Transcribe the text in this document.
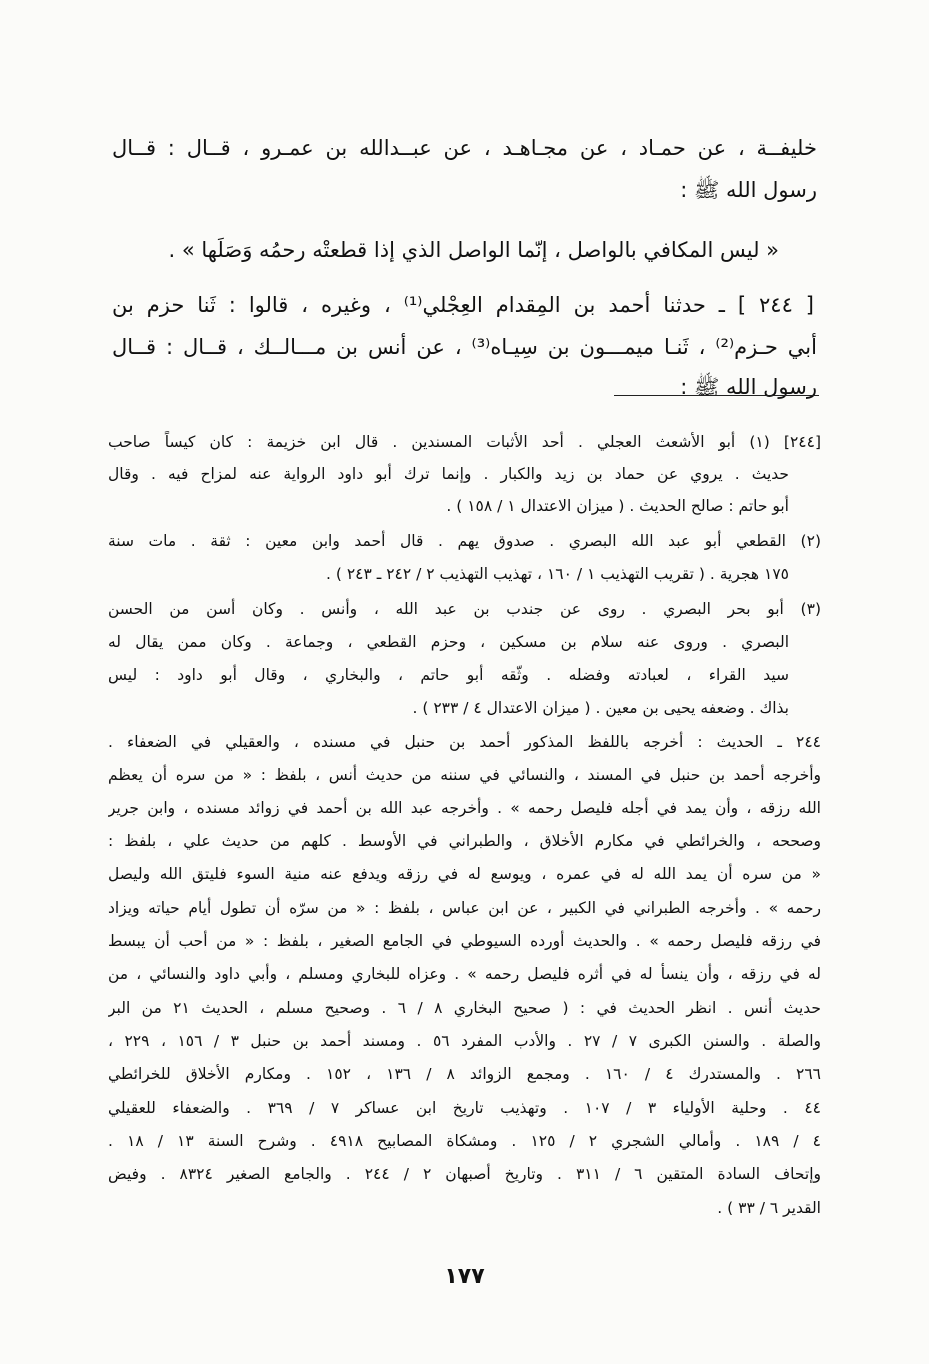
خليفــة ، عن حمـاد ، عن مجـاهـد ، عن عبــدالله بن عمـرو ، قــال : قــال
رسول الله ﷺ :
« ليس المكافي بالواصل ، إنّما الواصل الذي إذا قطعتْه رحمُه وَصَلَها » .
[ ٢٤٤ ] ـ حدثنا أحمد بن المِقدام العِجْلي⁽¹⁾ ، وغيره ، قالوا : ثَنا حزم بن
أبي حـزم⁽²⁾ ، ثَنـا ميمـــون بن سِيـاه⁽³⁾ ، عن أنس بن مـــالــك ، قــال : قــال
رسول الله ﷺ :
[٢٤٤] (١) أبو الأشعث العجلي . أحد الأثبات المسندين . قال ابن خزيمة : كان كيساً صاحب
حديث . يروي عن حماد بن زيد والكبار . وإنما ترك أبو داود الرواية عنه لمزاح فيه . وقال
أبو حاتم : صالح الحديث . ( ميزان الاعتدال ١ / ١٥٨ ) .
(٢) القطعي أبو عبد الله البصري . صدوق يهم . قال أحمد وابن معين : ثقة . مات سنة
١٧٥ هجرية . ( تقريب التهذيب ١ / ١٦٠ ، تهذيب التهذيب ٢ / ٢٤٢ ـ ٢٤٣ ) .
(٣) أبو بحر البصري . روى عن جندب بن عبد الله ، وأنس . وكان أسن من الحسن
البصري . وروى عنه سلام بن مسكين ، وحزم القطعي ، وجماعة . وكان ممن يقال له
سيد القراء ، لعبادته وفضله . وثّقه أبو حاتم ، والبخاري ، وقال أبو داود : ليس
بذاك . وضعفه يحيى بن معين . ( ميزان الاعتدال ٤ / ٢٣٣ ) .
٢٤٤ ـ الحديث : أخرجه باللفظ المذكور أحمد بن حنبل في مسنده ، والعقيلي في الضعفاء .
وأخرجه أحمد بن حنبل في المسند ، والنسائي في سننه من حديث أنس ، بلفظ : « من سره أن يعظم
الله رزقه ، وأن يمد في أجله فليصل رحمه » . وأخرجه عبد الله بن أحمد في زوائد مسنده ، وابن جرير
وصححه ، والخرائطي في مكارم الأخلاق ، والطبراني في الأوسط . كلهم من حديث علي ، بلفظ :
« من سره أن يمد الله له في عمره ، ويوسع له في رزقه ويدفع عنه منية السوء فليتق الله وليصل
رحمه » . وأخرجه الطبراني في الكبير ، عن ابن عباس ، بلفظ : « من سرّه أن تطول أيام حياته ويزاد
في رزقه فليصل رحمه » . والحديث أورده السيوطي في الجامع الصغير ، بلفظ : « من أحب أن يبسط
له في رزقه ، وأن ينسأ له في أثره فليصل رحمه » . وعزاه للبخاري ومسلم ، وأبي داود والنسائي ، من
حديث أنس . انظر الحديث في : ( صحيح البخاري ٨ / ٦ . وصحيح مسلم ، الحديث ٢١ من البر
والصلة . والسنن الكبرى ٧ / ٢٧ . والأدب المفرد ٥٦ . ومسند أحمد بن حنبل ٣ / ١٥٦ ، ٢٢٩ ،
٢٦٦ . والمستدرك ٤ / ١٦٠ . ومجمع الزوائد ٨ / ١٣٦ ، ١٥٢ . ومكارم الأخلاق للخرائطي
٤٤ . وحلية الأولياء ٣ / ١٠٧ . وتهذيب تاريخ ابن عساكر ٧ / ٣٦٩ . والضعفاء للعقيلي
٤ / ١٨٩ . وأمالي الشجري ٢ / ١٢٥ . ومشكاة المصابيح ٤٩١٨ . وشرح السنة ١٣ / ١٨ .
وإتحاف السادة المتقين ٦ / ٣١١ . وتاريخ أصبهان ٢ / ٢٤٤ . والجامع الصغير ٨٣٢٤ . وفيض
القدير ٦ / ٣٣ ) .
١٧٧
